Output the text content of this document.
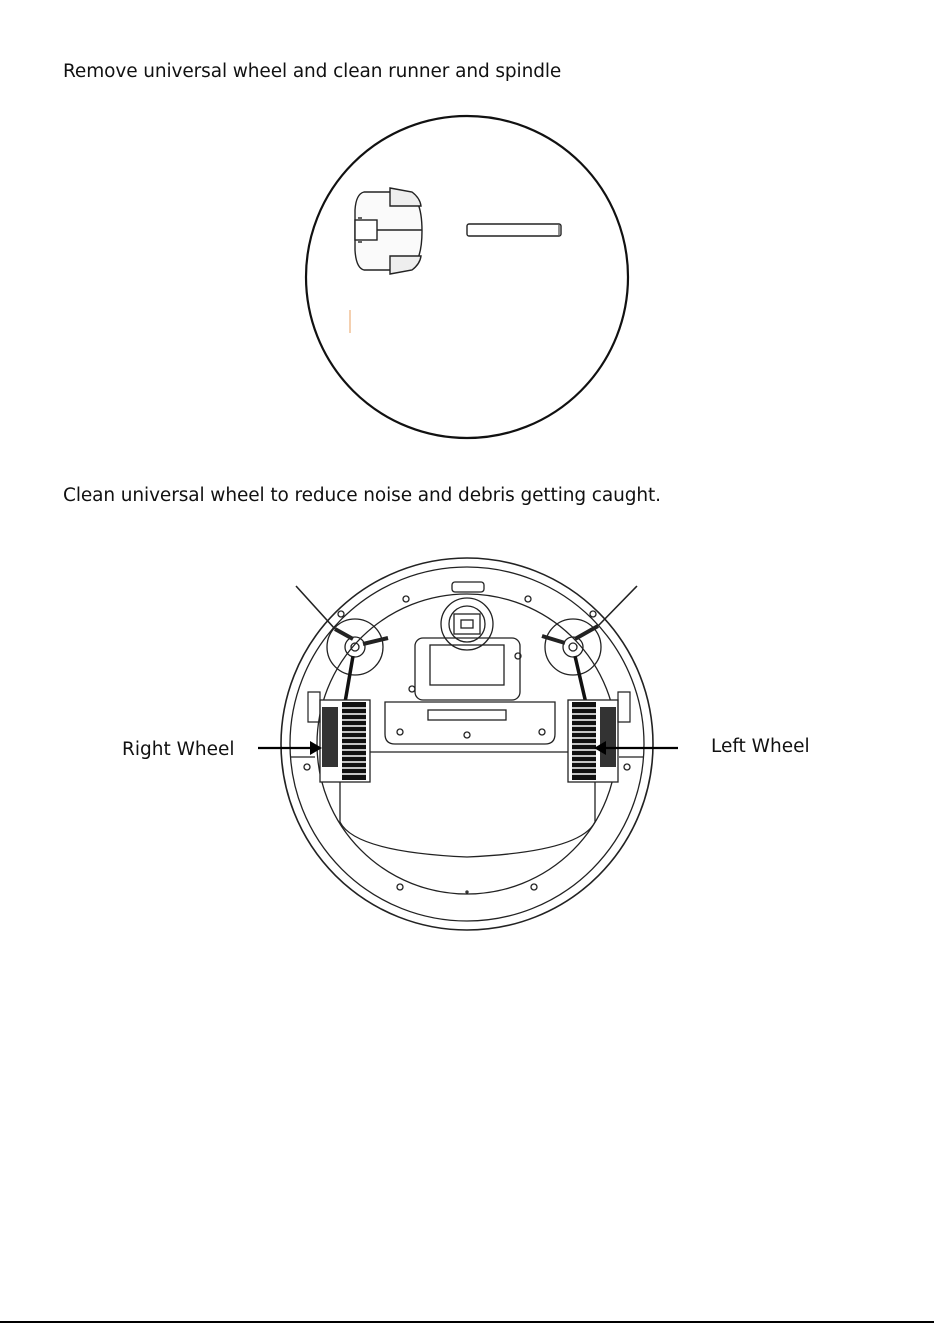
Remove universal wheel and clean runner and spindle
Clean universal wheel to reduce noise and debris getting caught.
Right Wheel	Left Wheel
